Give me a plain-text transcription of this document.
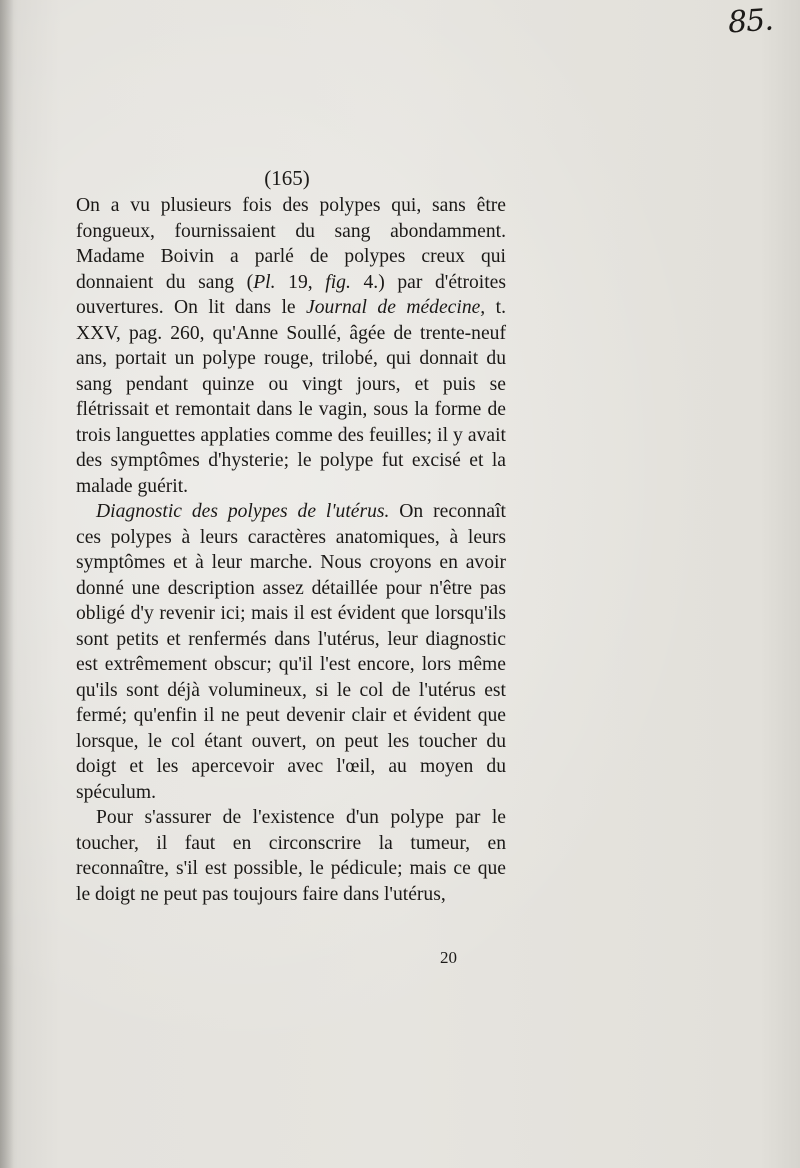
85.
(165)

On a vu plusieurs fois des polypes qui, sans être fongueux, fournissaient du sang abondamment. Madame Boivin a parlé de polypes creux qui donnaient du sang (Pl. 19, fig. 4.) par d'étroites ouvertures. On lit dans le Journal de médecine, t. XXV, pag. 260, qu'Anne Soullé, âgée de trente-neuf ans, portait un polype rouge, trilobé, qui donnait du sang pendant quinze ou vingt jours, et puis se flétrissait et remontait dans le vagin, sous la forme de trois languettes applaties comme des feuilles; il y avait des symptômes d'hysterie; le polype fut excisé et la malade guérit.

Diagnostic des polypes de l'utérus. On reconnaît ces polypes à leurs caractères anatomiques, à leurs symptômes et à leur marche. Nous croyons en avoir donné une description assez détaillée pour n'être pas obligé d'y revenir ici; mais il est évident que lorsqu'ils sont petits et renfermés dans l'utérus, leur diagnostic est extrêmement obscur; qu'il l'est encore, lors même qu'ils sont déjà volumineux, si le col de l'utérus est fermé; qu'enfin il ne peut devenir clair et évident que lorsque, le col étant ouvert, on peut les toucher du doigt et les apercevoir avec l'œil, au moyen du spéculum.

Pour s'assurer de l'existence d'un polype par le toucher, il faut en circonscrire la tumeur, en reconnaître, s'il est possible, le pédicule; mais ce que le doigt ne peut pas toujours faire dans l'utérus,

20
